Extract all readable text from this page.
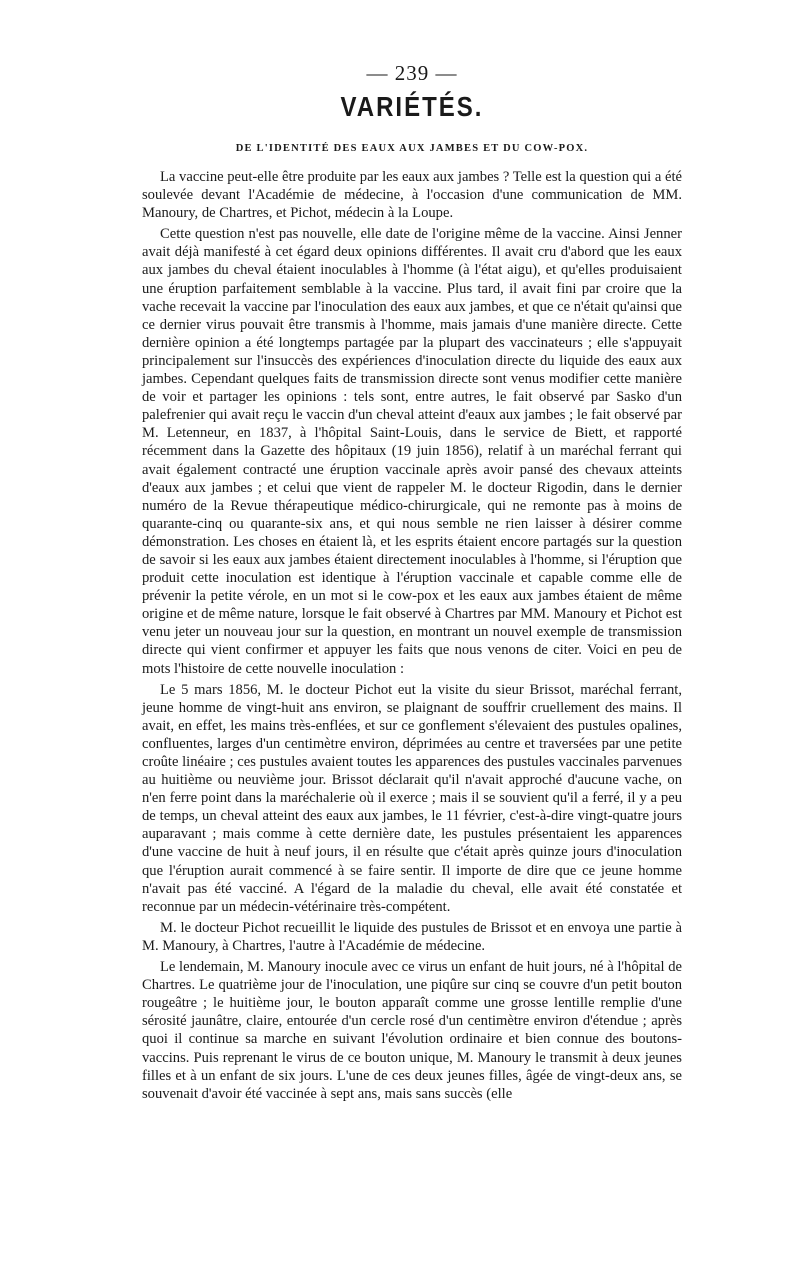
— 239 —

VARIÉTÉS.
DE L'IDENTITÉ DES EAUX AUX JAMBES ET DU COW-POX.

La vaccine peut-elle être produite par les eaux aux jambes ? Telle est la question qui a été soulevée devant l'Académie de médecine, à l'occasion d'une communication de MM. Manoury, de Chartres, et Pichot, médecin à la Loupe.

Cette question n'est pas nouvelle, elle date de l'origine même de la vaccine. Ainsi Jenner avait déjà manifesté à cet égard deux opinions différentes. Il avait cru d'abord que les eaux aux jambes du cheval étaient inoculables à l'homme (à l'état aigu), et qu'elles produisaient une éruption parfaitement semblable à la vaccine. Plus tard, il avait fini par croire que la vache recevait la vaccine par l'inoculation des eaux aux jambes, et que ce n'était qu'ainsi que ce dernier virus pouvait être transmis à l'homme, mais jamais d'une manière directe. Cette dernière opinion a été longtemps partagée par la plupart des vaccinateurs ; elle s'appuyait principalement sur l'insuccès des expériences d'inoculation directe du liquide des eaux aux jambes. Cependant quelques faits de transmission directe sont venus modifier cette manière de voir et partager les opinions : tels sont, entre autres, le fait observé par Sasko d'un palefrenier qui avait reçu le vaccin d'un cheval atteint d'eaux aux jambes ; le fait observé par M. Letenneur, en 1837, à l'hôpital Saint-Louis, dans le service de Biett, et rapporté récemment dans la Gazette des hôpitaux (19 juin 1856), relatif à un maréchal ferrant qui avait également contracté une éruption vaccinale après avoir pansé des chevaux atteints d'eaux aux jambes ; et celui que vient de rappeler M. le docteur Rigodin, dans le dernier numéro de la Revue thérapeutique médico-chirurgicale, qui ne remonte pas à moins de quarante-cinq ou quarante-six ans, et qui nous semble ne rien laisser à désirer comme démonstration. Les choses en étaient là, et les esprits étaient encore partagés sur la question de savoir si les eaux aux jambes étaient directement inoculables à l'homme, si l'éruption que produit cette inoculation est identique à l'éruption vaccinale et capable comme elle de prévenir la petite vérole, en un mot si le cow-pox et les eaux aux jambes étaient de même origine et de même nature, lorsque le fait observé à Chartres par MM. Manoury et Pichot est venu jeter un nouveau jour sur la question, en montrant un nouvel exemple de transmission directe qui vient confirmer et appuyer les faits que nous venons de citer. Voici en peu de mots l'histoire de cette nouvelle inoculation :

Le 5 mars 1856, M. le docteur Pichot eut la visite du sieur Brissot, maréchal ferrant, jeune homme de vingt-huit ans environ, se plaignant de souffrir cruellement des mains. Il avait, en effet, les mains très-enflées, et sur ce gonflement s'élevaient des pustules opalines, confluentes, larges d'un centimètre environ, déprimées au centre et traversées par une petite croûte linéaire ; ces pustules avaient toutes les apparences des pustules vaccinales parvenues au huitième ou neuvième jour. Brissot déclarait qu'il n'avait approché d'aucune vache, on n'en ferre point dans la maréchalerie où il exerce ; mais il se souvient qu'il a ferré, il y a peu de temps, un cheval atteint des eaux aux jambes, le 11 février, c'est-à-dire vingt-quatre jours auparavant ; mais comme à cette dernière date, les pustules présentaient les apparences d'une vaccine de huit à neuf jours, il en résulte que c'était après quinze jours d'inoculation que l'éruption aurait commencé à se faire sentir. Il importe de dire que ce jeune homme n'avait pas été vacciné. A l'égard de la maladie du cheval, elle avait été constatée et reconnue par un médecin-vétérinaire très-compétent.

M. le docteur Pichot recueillit le liquide des pustules de Brissot et en envoya une partie à M. Manoury, à Chartres, l'autre à l'Académie de médecine.

Le lendemain, M. Manoury inocule avec ce virus un enfant de huit jours, né à l'hôpital de Chartres. Le quatrième jour de l'inoculation, une piqûre sur cinq se couvre d'un petit bouton rougeâtre ; le huitième jour, le bouton apparaît comme une grosse lentille remplie d'une sérosité jaunâtre, claire, entourée d'un cercle rosé d'un centimètre environ d'étendue ; après quoi il continue sa marche en suivant l'évolution ordinaire et bien connue des boutons-vaccins. Puis reprenant le virus de ce bouton unique, M. Manoury le transmit à deux jeunes filles et à un enfant de six jours. L'une de ces deux jeunes filles, âgée de vingt-deux ans, se souvenait d'avoir été vaccinée à sept ans, mais sans succès (elle
